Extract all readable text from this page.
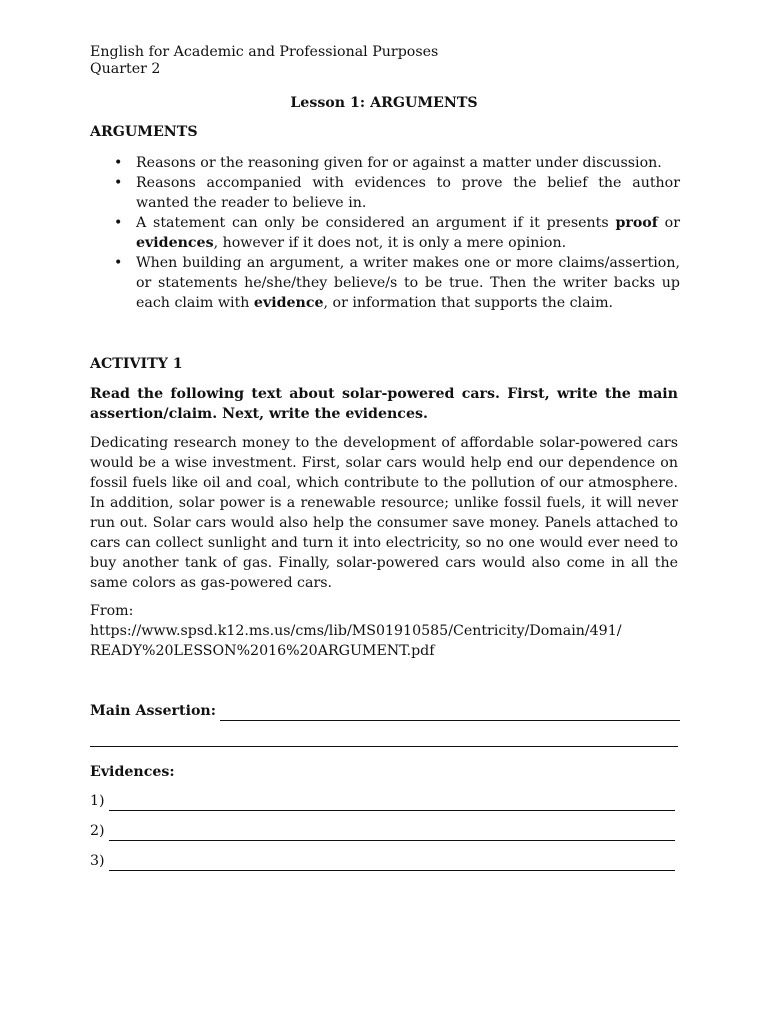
English for Academic and Professional Purposes
Quarter 2
Lesson 1: ARGUMENTS
ARGUMENTS
• Reasons or the reasoning given for or against a matter under discussion.
• Reasons accompanied with evidences to prove the belief the author wanted the reader to believe in.
• A statement can only be considered an argument if it presents proof or evidences, however if it does not, it is only a mere opinion.
• When building an argument, a writer makes one or more claims/assertion, or statements he/she/they believe/s to be true. Then the writer backs up each claim with evidence, or information that supports the claim.
ACTIVITY 1
Read the following text about solar-powered cars. First, write the main assertion/claim. Next, write the evidences.
Dedicating research money to the development of affordable solar-powered cars would be a wise investment. First, solar cars would help end our dependence on fossil fuels like oil and coal, which contribute to the pollution of our atmosphere. In addition, solar power is a renewable resource; unlike fossil fuels, it will never run out. Solar cars would also help the consumer save money. Panels attached to cars can collect sunlight and turn it into electricity, so no one would ever need to buy another tank of gas. Finally, solar-powered cars would also come in all the same colors as gas-powered cars.
From:
https://www.spsd.k12.ms.us/cms/lib/MS01910585/Centricity/Domain/491/
READY%20LESSON%2016%20ARGUMENT.pdf
Main Assertion:
Evidences:
1)
2)
3)
